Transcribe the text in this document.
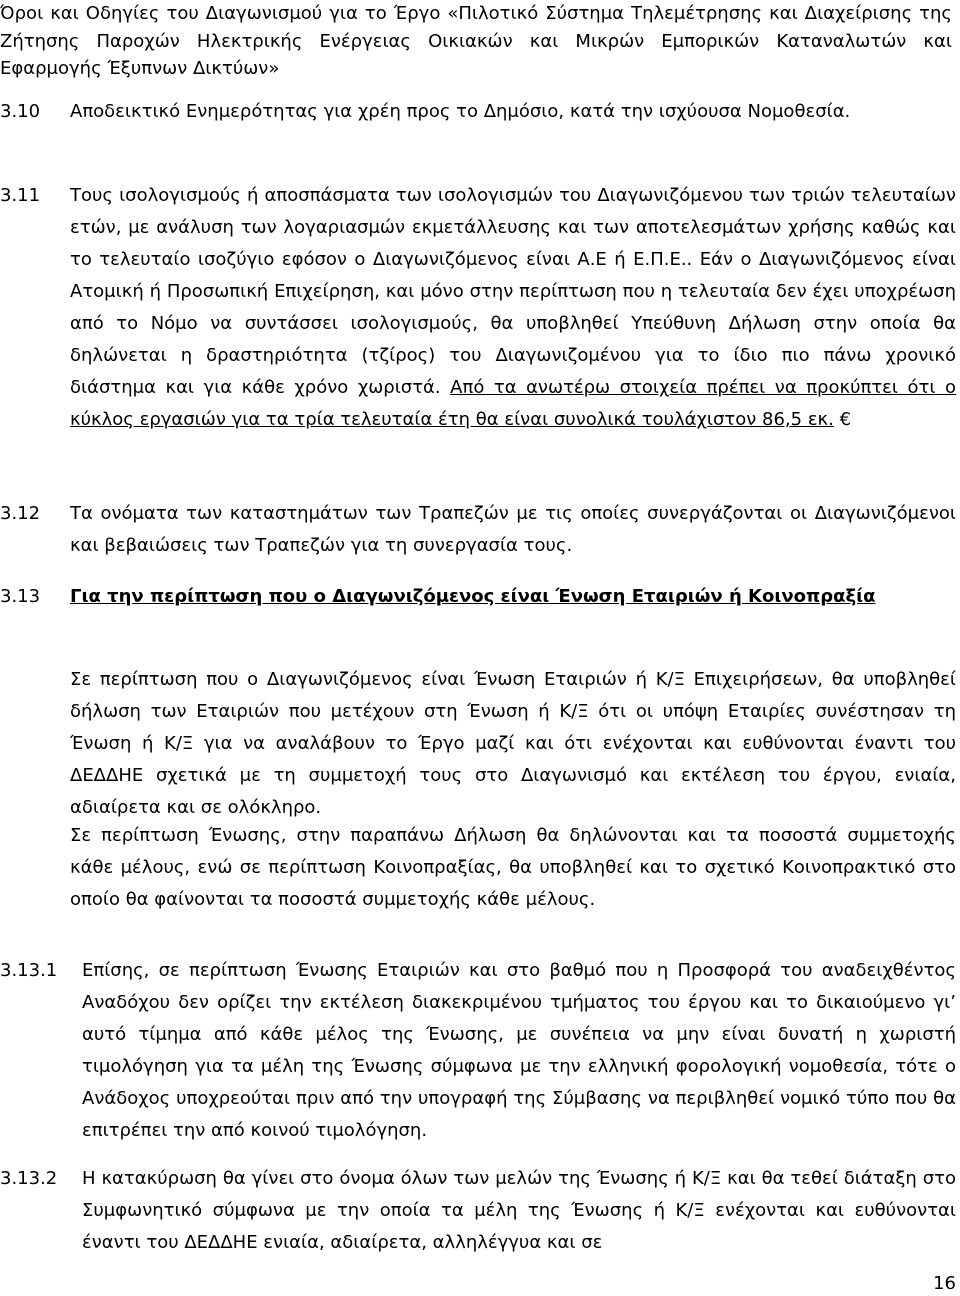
Όροι και Οδηγίες του Διαγωνισμού για το Έργο «Πιλοτικό Σύστημα Τηλεμέτρησης και Διαχείρισης της Ζήτησης Παροχών Ηλεκτρικής Ενέργειας Οικιακών και Μικρών Εμπορικών Καταναλωτών και Εφαρμογής Έξυπνων Δικτύων»

3.10 Αποδεικτικό Ενημερότητας για χρέη προς το Δημόσιο, κατά την ισχύουσα Νομοθεσία.

3.11 Τους ισολογισμούς ή αποσπάσματα των ισολογισμών του Διαγωνιζόμενου των τριών τελευταίων ετών, με ανάλυση των λογαριασμών εκμετάλλευσης και των αποτελεσμάτων χρήσης καθώς και το τελευταίο ισοζύγιο εφόσον ο Διαγωνιζόμενος είναι Α.Ε ή Ε.Π.Ε.. Εάν ο Διαγωνιζόμενος είναι Ατομική ή Προσωπική Επιχείρηση, και μόνο στην περίπτωση που η τελευταία δεν έχει υποχρέωση από το Νόμο να συντάσσει ισολογισμούς, θα υποβληθεί Υπεύθυνη Δήλωση στην οποία θα δηλώνεται η δραστηριότητα (τζίρος) του Διαγωνιζομένου για το ίδιο πιο πάνω χρονικό διάστημα και για κάθε χρόνο χωριστά. Από τα ανωτέρω στοιχεία πρέπει να προκύπτει ότι ο κύκλος εργασιών για τα τρία τελευταία έτη θα είναι συνολικά τουλάχιστον 86,5 εκ. €

3.12 Τα ονόματα των καταστημάτων των Τραπεζών με τις οποίες συνεργάζονται οι Διαγωνιζόμενοι και βεβαιώσεις των Τραπεζών για τη συνεργασία τους.

3.13 Για την περίπτωση που ο Διαγωνιζόμενος είναι Ένωση Εταιριών ή Κοινοπραξία

Σε περίπτωση που ο Διαγωνιζόμενος είναι Ένωση Εταιριών ή Κ/Ξ Επιχειρήσεων, θα υποβληθεί δήλωση των Εταιριών που μετέχουν στη Ένωση ή Κ/Ξ ότι οι υπόψη Εταιρίες συνέστησαν τη Ένωση ή Κ/Ξ για να αναλάβουν το Έργο μαζί και ότι ενέχονται και ευθύνονται έναντι του ΔΕΔΔΗΕ σχετικά με τη συμμετοχή τους στο Διαγωνισμό και εκτέλεση του έργου, ενιαία, αδιαίρετα και σε ολόκληρο.

Σε περίπτωση Ένωσης, στην παραπάνω Δήλωση θα δηλώνονται και τα ποσοστά συμμετοχής κάθε μέλους, ενώ σε περίπτωση Κοινοπραξίας, θα υποβληθεί και το σχετικό Κοινοπρακτικό στο οποίο θα φαίνονται τα ποσοστά συμμετοχής κάθε μέλους.

3.13.1 Επίσης, σε περίπτωση Ένωσης Εταιριών και στο βαθμό που η Προσφορά του αναδειχθέντος Αναδόχου δεν ορίζει την εκτέλεση διακεκριμένου τμήματος του έργου και το δικαιούμενο γι’ αυτό τίμημα από κάθε μέλος της Ένωσης, με συνέπεια να μην είναι δυνατή η χωριστή τιμολόγηση για τα μέλη της Ένωσης σύμφωνα με την ελληνική φορολογική νομοθεσία, τότε ο Ανάδοχος υποχρεούται πριν από την υπογραφή της Σύμβασης να περιβληθεί νομικό τύπο που θα επιτρέπει την από κοινού τιμολόγηση.

3.13.2 Η κατακύρωση θα γίνει στο όνομα όλων των μελών της Ένωσης ή Κ/Ξ και θα τεθεί διάταξη στο Συμφωνητικό σύμφωνα με την οποία τα μέλη της Ένωσης ή Κ/Ξ ενέχονται και ευθύνονται έναντι του ΔΕΔΔΗΕ ενιαία, αδιαίρετα, αλληλέγγυα και σε

16
